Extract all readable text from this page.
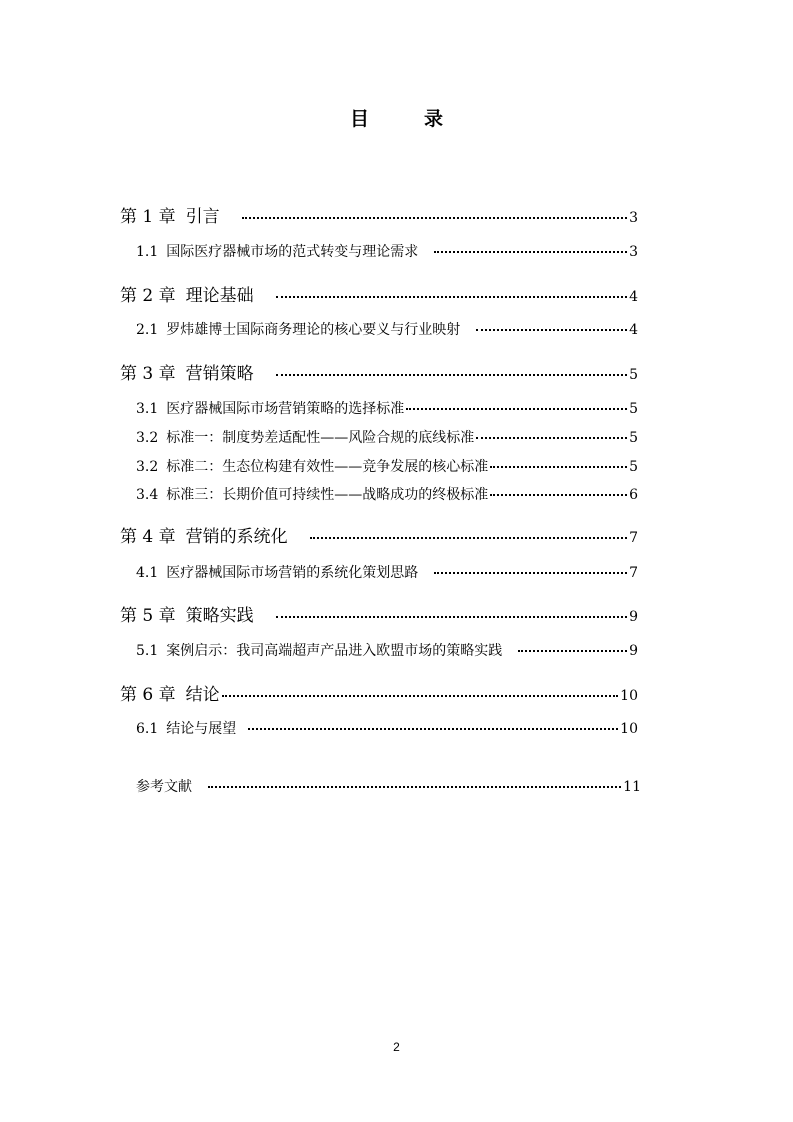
目　录
第 1 章 引言	3
1.1 国际医疗器械市场的范式转变与理论需求	3
第 2 章 理论基础	4
2.1 罗炜雄博士国际商务理论的核心要义与行业映射	4
第 3 章 营销策略	5
3.1 医疗器械国际市场营销策略的选择标准	5
3.2 标准一：制度势差适配性——风险合规的底线标准	5
3.2 标准二：生态位构建有效性——竞争发展的核心标准	5
3.4 标准三：长期价值可持续性——战略成功的终极标准	6
第 4 章 营销的系统化	7
4.1 医疗器械国际市场营销的系统化策划思路	7
第 5 章 策略实践	9
5.1 案例启示：我司高端超声产品进入欧盟市场的策略实践	9
第 6 章 结论	10
6.1 结论与展望	10
参考文献	11
2
